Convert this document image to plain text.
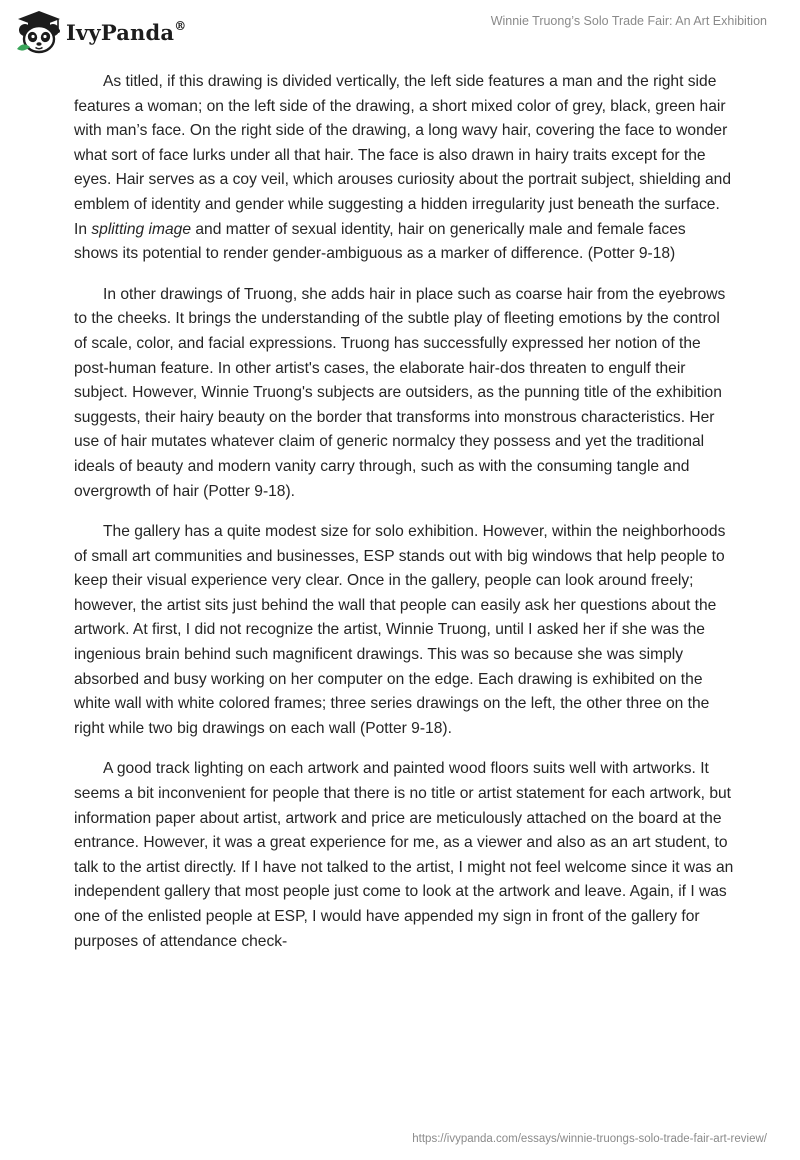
IvyPanda®	Winnie Truong’s Solo Trade Fair: An Art Exhibition

As titled, if this drawing is divided vertically, the left side features a man and the right side features a woman; on the left side of the drawing, a short mixed color of grey, black, green hair with man’s face. On the right side of the drawing, a long wavy hair, covering the face to wonder what sort of face lurks under all that hair. The face is also drawn in hairy traits except for the eyes. Hair serves as a coy veil, which arouses curiosity about the portrait subject, shielding and emblem of identity and gender while suggesting a hidden irregularity just beneath the surface. In splitting image and matter of sexual identity, hair on generically male and female faces shows its potential to render gender-ambiguous as a marker of difference. (Potter 9-18)

In other drawings of Truong, she adds hair in place such as coarse hair from the eyebrows to the cheeks. It brings the understanding of the subtle play of fleeting emotions by the control of scale, color, and facial expressions. Truong has successfully expressed her notion of the post-human feature. In other artist's cases, the elaborate hair-dos threaten to engulf their subject. However, Winnie Truong's subjects are outsiders, as the punning title of the exhibition suggests, their hairy beauty on the border that transforms into monstrous characteristics. Her use of hair mutates whatever claim of generic normalcy they possess and yet the traditional ideals of beauty and modern vanity carry through, such as with the consuming tangle and overgrowth of hair (Potter 9-18).

The gallery has a quite modest size for solo exhibition. However, within the neighborhoods of small art communities and businesses, ESP stands out with big windows that help people to keep their visual experience very clear. Once in the gallery, people can look around freely; however, the artist sits just behind the wall that people can easily ask her questions about the artwork. At first, I did not recognize the artist, Winnie Truong, until I asked her if she was the ingenious brain behind such magnificent drawings. This was so because she was simply absorbed and busy working on her computer on the edge. Each drawing is exhibited on the white wall with white colored frames; three series drawings on the left, the other three on the right while two big drawings on each wall (Potter 9-18).

A good track lighting on each artwork and painted wood floors suits well with artworks. It seems a bit inconvenient for people that there is no title or artist statement for each artwork, but information paper about artist, artwork and price are meticulously attached on the board at the entrance. However, it was a great experience for me, as a viewer and also as an art student, to talk to the artist directly. If I have not talked to the artist, I might not feel welcome since it was an independent gallery that most people just come to look at the artwork and leave. Again, if I was one of the enlisted people at ESP, I would have appended my sign in front of the gallery for purposes of attendance check-

https://ivypanda.com/essays/winnie-truongs-solo-trade-fair-art-review/
